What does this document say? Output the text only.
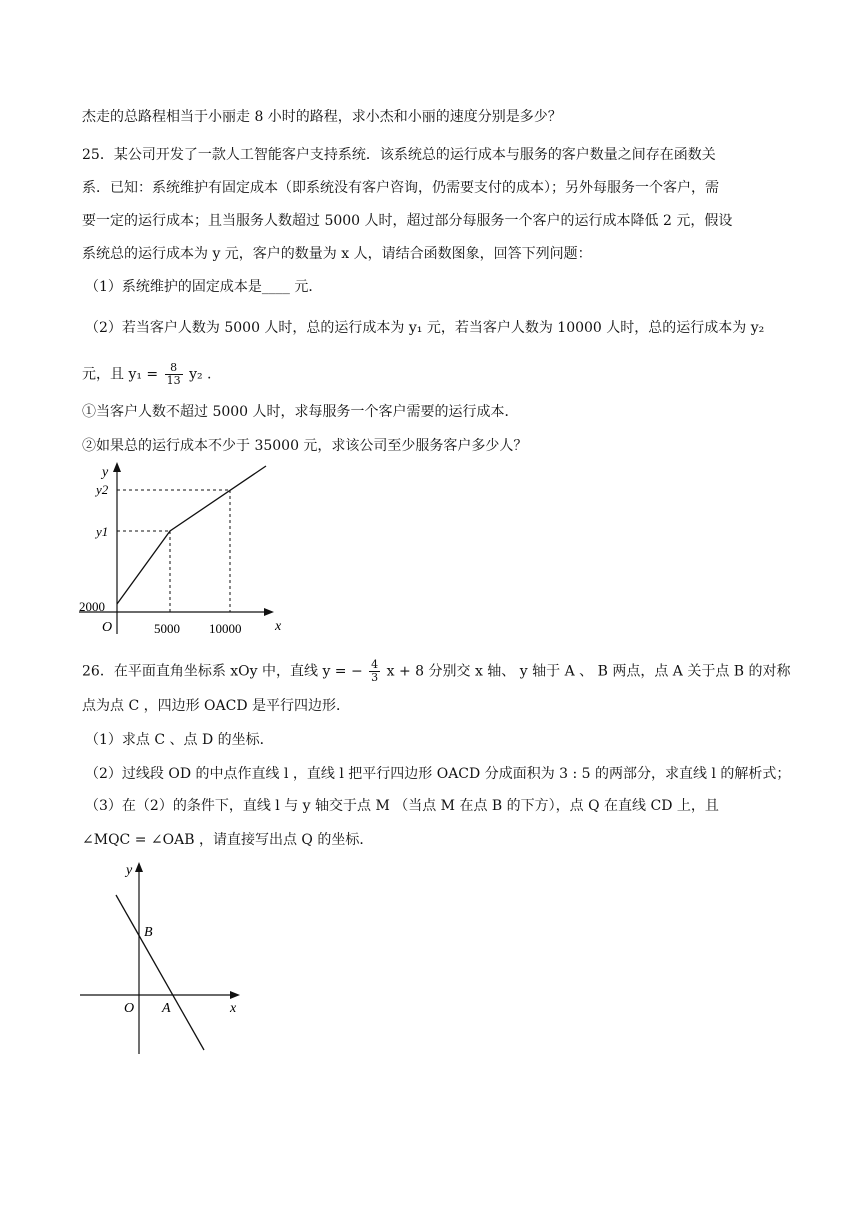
杰走的总路程相当于小丽走 8 小时的路程，求小杰和小丽的速度分别是多少？
25．某公司开发了一款人工智能客户支持系统．该系统总的运行成本与服务的客户数量之间存在函数关
系．已知：系统维护有固定成本（即系统没有客户咨询，仍需要支付的成本）；另外每服务一个客户，需
要一定的运行成本；且当服务人数超过 5000 人时，超过部分每服务一个客户的运行成本降低 2 元，假设
系统总的运行成本为 y 元，客户的数量为 x 人，请结合函数图象，回答下列问题：
（1）系统维护的固定成本是____ 元．
（2）若当客户人数为 5000 人时，总的运行成本为 y₁ 元，若当客户人数为 10000 人时，总的运行成本为 y₂
元，且 $y_1 = \frac{8}{13} y_2$ .
①当客户人数不超过 5000 人时，求每服务一个客户需要的运行成本．
②如果总的运行成本不少于 35000 元，求该公司至少服务客户多少人？
y
y2
y1
2000
O	5000 10000 x
26．在平面直角坐标系 xOy 中，直线 y = − $\frac{4}{3}$ x + 8 分别交 x 轴、 y 轴于 A 、 B 两点，点 A 关于点 B 的对称
点为点 C ，四边形 OACD 是平行四边形．
（1）求点 C 、点 D 的坐标．
（2）过线段 OD 的中点作直线 l ，直线 l 把平行四边形 OACD 分成面积为 3 : 5 的两部分，求直线 l 的解析式；
（3）在（2）的条件下，直线 l 与 y 轴交于点 M （当点 M 在点 B 的下方），点 Q 在直线 CD 上，且
∠MQC = ∠OAB ，请直接写出点 Q 的坐标．
y
B
O A	x
